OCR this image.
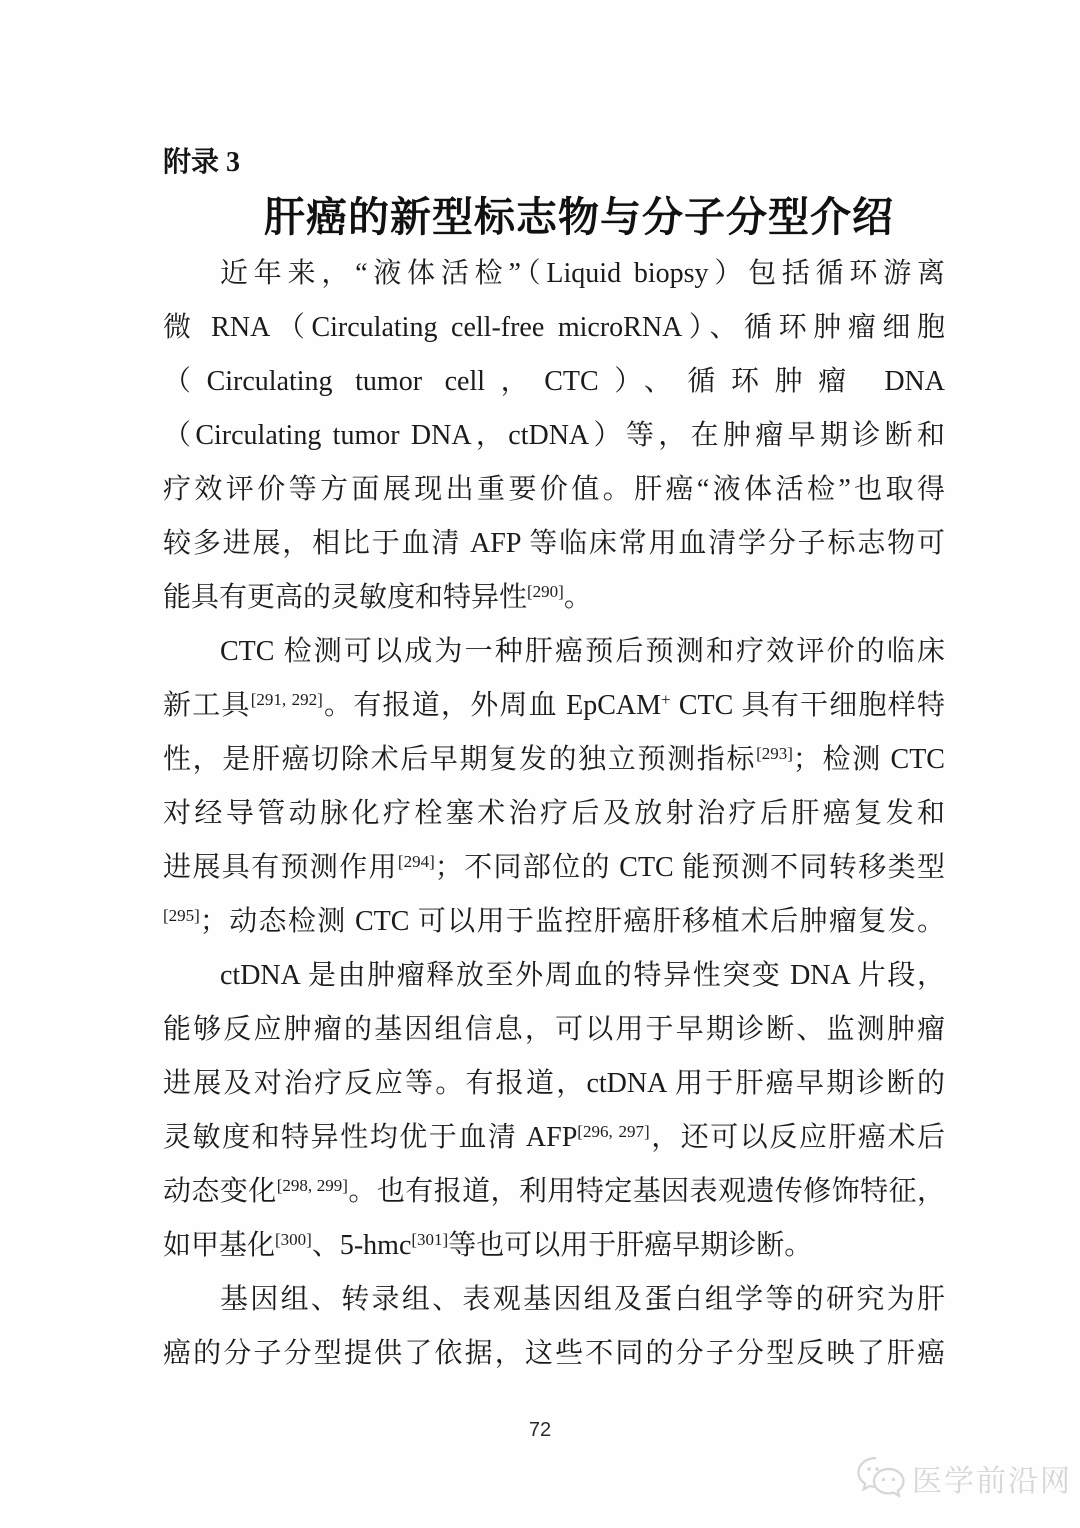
附录 3
肝癌的新型标志物与分子分型介绍
近年来，“液体活检”（Liquid biopsy）包括循环游离
微 RNA（Circulating cell-free microRNA）、循环肿瘤细胞
（Circulating tumor cell，CTC）、循环肿瘤 DNA
（Circulating tumor DNA，ctDNA）等，在肿瘤早期诊断和
疗效评价等方面展现出重要价值。肝癌“液体活检”也取得
较多进展，相比于血清 AFP 等临床常用血清学分子标志物可
能具有更高的灵敏度和特异性[290]。
CTC 检测可以成为一种肝癌预后预测和疗效评价的临床
新工具[291, 292]。有报道，外周血 EpCAM+ CTC 具有干细胞样特
性，是肝癌切除术后早期复发的独立预测指标[293]；检测 CTC
对经导管动脉化疗栓塞术治疗后及放射治疗后肝癌复发和
进展具有预测作用[294]；不同部位的 CTC 能预测不同转移类型
[295]；动态检测 CTC 可以用于监控肝癌肝移植术后肿瘤复发。
ctDNA 是由肿瘤释放至外周血的特异性突变 DNA 片段，
能够反应肿瘤的基因组信息，可以用于早期诊断、监测肿瘤
进展及对治疗反应等。有报道，ctDNA 用于肝癌早期诊断的
灵敏度和特异性均优于血清 AFP[296, 297]，还可以反应肝癌术后
动态变化[298, 299]。也有报道，利用特定基因表观遗传修饰特征，
如甲基化[300]、5-hmc[301]等也可以用于肝癌早期诊断。
基因组、转录组、表观基因组及蛋白组学等的研究为肝
癌的分子分型提供了依据，这些不同的分子分型反映了肝癌
72
医学前沿网
